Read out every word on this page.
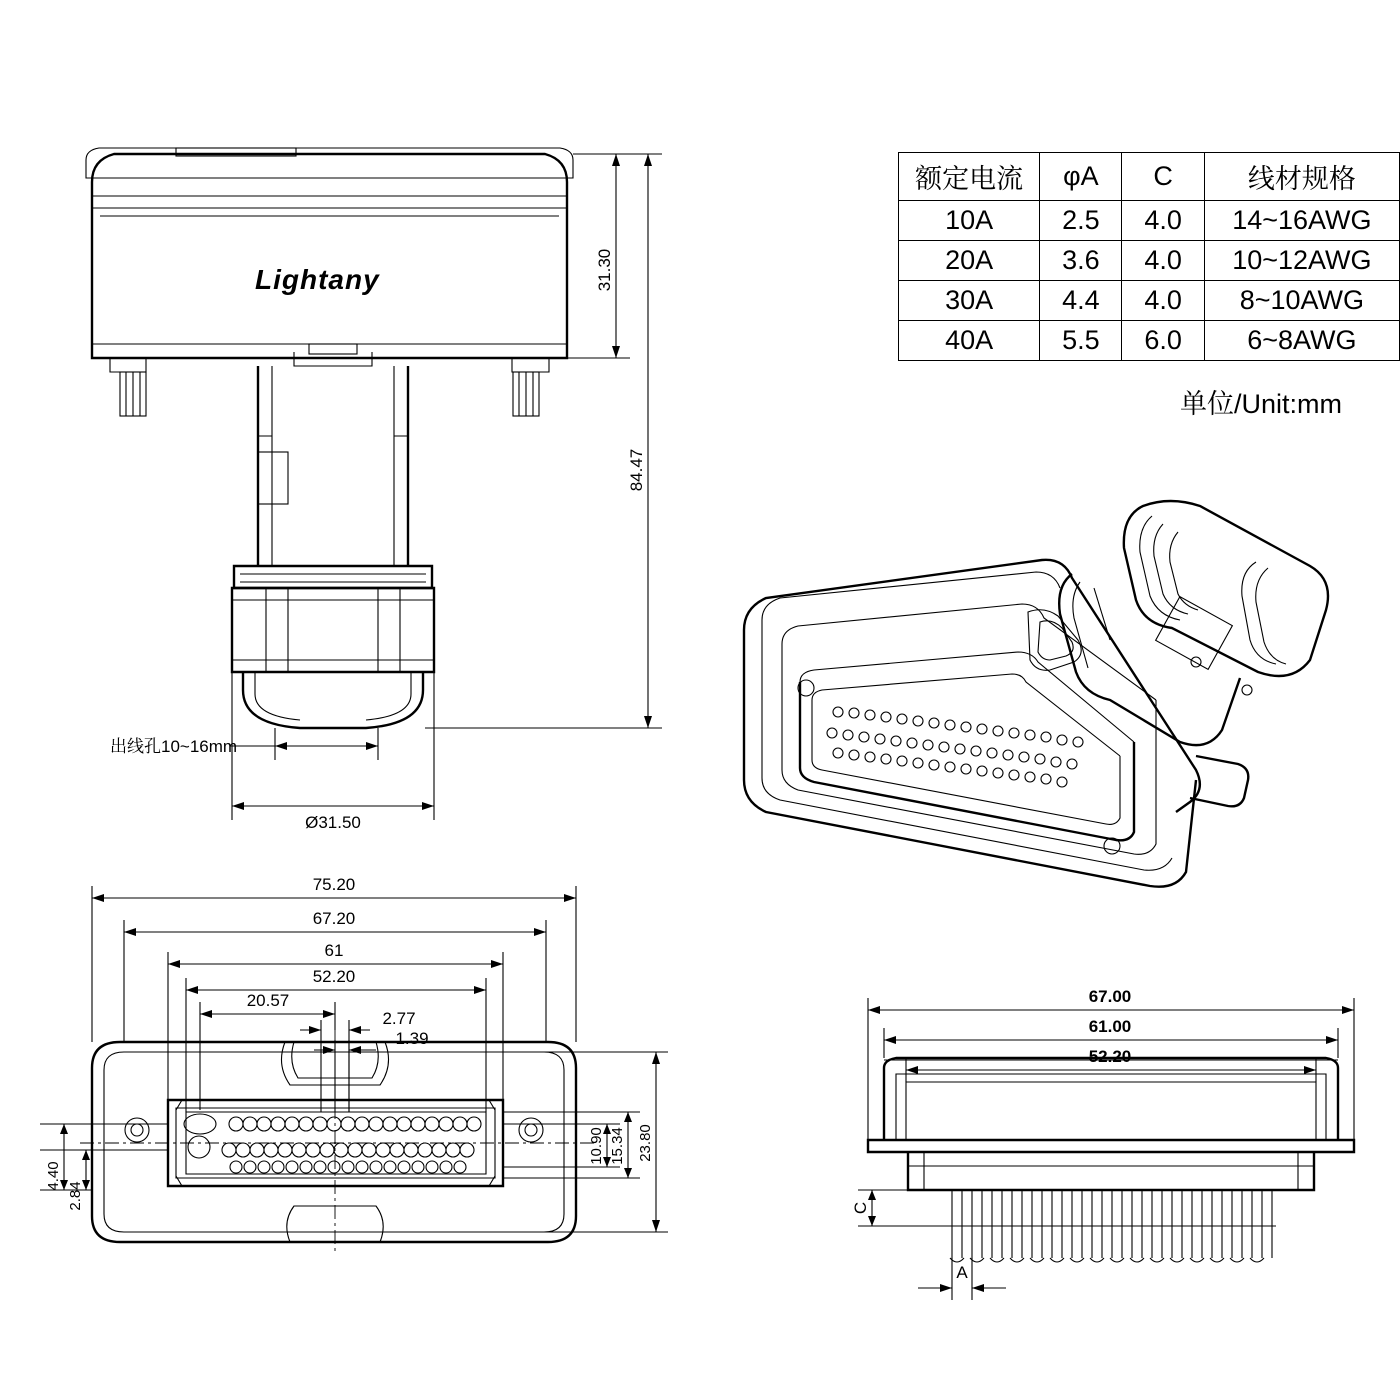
额定电流	φA	C	线材规格
10A	2.5	4.0	14~16AWG
20A	3.6	4.0	10~12AWG
30A	4.4	4.0	8~10AWG
40A	5.5	6.0	6~8AWG
单位/Unit:mm
31.30
84.47
出线孔10~16mm
Ø31.50
75.20
67.20
61
52.20
20.57
2.77
1.39
10.90 15.34 23.80
4.40
2.84
67.00
61.00
52.20
C
A
Lightany
